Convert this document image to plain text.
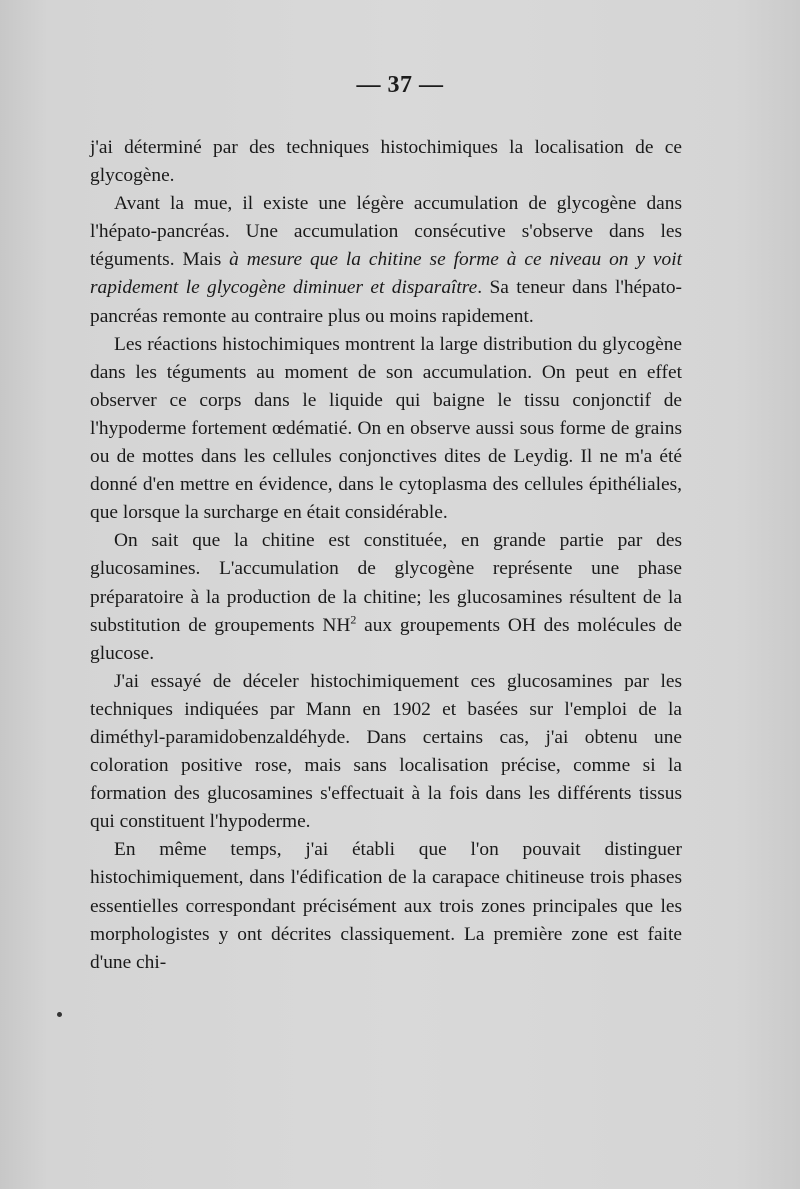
— 37 —

j'ai déterminé par des techniques histochimiques la localisation de ce glycogène.

Avant la mue, il existe une légère accumulation de glycogène dans l'hépato-pancréas. Une accumulation consécutive s'observe dans les téguments. Mais à mesure que la chitine se forme à ce niveau on y voit rapidement le glycogène diminuer et disparaître. Sa teneur dans l'hépato-pancréas remonte au contraire plus ou moins rapidement.

Les réactions histochimiques montrent la large distribution du glycogène dans les téguments au moment de son accumulation. On peut en effet observer ce corps dans le liquide qui baigne le tissu conjonctif de l'hypoderme fortement œdématié. On en observe aussi sous forme de grains ou de mottes dans les cellules conjonctives dites de Leydig. Il ne m'a été donné d'en mettre en évidence, dans le cytoplasma des cellules épithéliales, que lorsque la surcharge en était considérable.

On sait que la chitine est constituée, en grande partie par des glucosamines. L'accumulation de glycogène représente une phase préparatoire à la production de la chitine; les glucosamines résultent de la substitution de groupements $NH^2$ aux groupements OH des molécules de glucose.

J'ai essayé de déceler histochimiquement ces glucosamines par les techniques indiquées par Mann en 1902 et basées sur l'emploi de la diméthyl-paramidobenzaldéhyde. Dans certains cas, j'ai obtenu une coloration positive rose, mais sans localisation précise, comme si la formation des glucosamines s'effectuait à la fois dans les différents tissus qui constituent l'hypoderme.

En même temps, j'ai établi que l'on pouvait distinguer histochimiquement, dans l'édification de la carapace chitineuse trois phases essentielles correspondant précisément aux trois zones principales que les morphologistes y ont décrites classiquement. La première zone est faite d'une chi-
